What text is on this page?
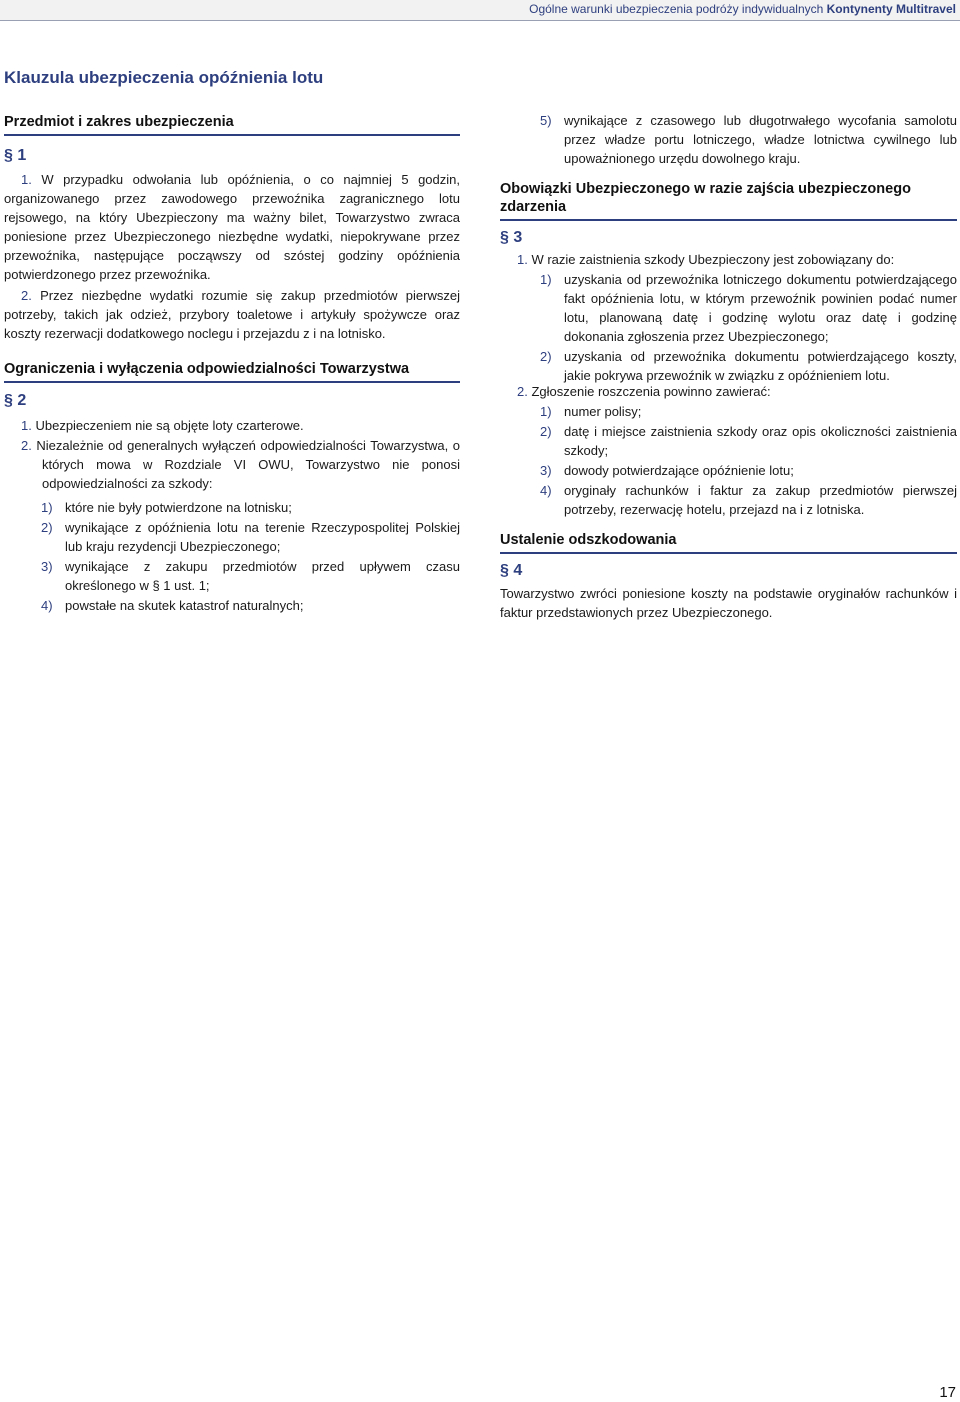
Ogólne warunki ubezpieczenia podróży indywidualnych Kontynenty Multitravel
Klauzula ubezpieczenia opóźnienia lotu
Przedmiot i zakres ubezpieczenia
§ 1

1. W przypadku odwołania lub opóźnienia, o co najmniej 5 godzin, organizowanego przez zawodowego przewoźnika zagranicznego lotu rejsowego, na który Ubezpieczony ma ważny bilet, Towarzystwo zwraca poniesione przez Ubezpieczonego niezbędne wydatki, niepokrywane przez przewoźnika, następujące począwszy od szóstej godziny opóźnienia potwierdzonego przez przewoźnika.

2. Przez niezbędne wydatki rozumie się zakup przedmiotów pierwszej potrzeby, takich jak odzież, przybory toaletowe i artykuły spożywcze oraz koszty rezerwacji dodatkowego noclegu i przejazdu z i na lotnisko.

Ograniczenia i wyłączenia odpowiedzialności Towarzystwa
§ 2

1. Ubezpieczeniem nie są objęte loty czarterowe.

2. Niezależnie od generalnych wyłączeń odpowiedzialności Towarzystwa, o których mowa w Rozdziale VI OWU, Towarzystwo nie ponosi odpowiedzialności za szkody:

1) które nie były potwierdzone na lotnisku;
2) wynikające z opóźnienia lotu na terenie Rzeczypospolitej Polskiej lub kraju rezydencji Ubezpieczonego;
3) wynikające z zakupu przedmiotów przed upływem czasu określonego w § 1 ust. 1;
4) powstałe na skutek katastrof naturalnych;
5) wynikające z czasowego lub długotrwałego wycofania samolotu przez władze portu lotniczego, władze lotnictwa cywilnego lub upoważnionego urzędu dowolnego kraju.
Obowiązki Ubezpieczonego w razie zajścia ubezpieczonego zdarzenia
§ 3

1. W razie zaistnienia szkody Ubezpieczony jest zobowiązany do:

1) uzyskania od przewoźnika lotniczego dokumentu potwierdzającego fakt opóźnienia lotu, w którym przewoźnik powinien podać numer lotu, planowaną datę i godzinę wylotu oraz datę i godzinę dokonania zgłoszenia przez Ubezpieczonego;
2) uzyskania od przewoźnika dokumentu potwierdzającego koszty, jakie pokrywa przewoźnik w związku z opóźnieniem lotu.

2. Zgłoszenie roszczenia powinno zawierać:

1) numer polisy;
2) datę i miejsce zaistnienia szkody oraz opis okoliczności zaistnienia szkody;
3) dowody potwierdzające opóźnienie lotu;
4) oryginały rachunków i faktur za zakup przedmiotów pierwszej potrzeby, rezerwację hotelu, przejazd na i z lotniska.
Ustalenie odszkodowania
§ 4

Towarzystwo zwróci poniesione koszty na podstawie oryginałów rachunków i faktur przedstawionych przez Ubezpieczonego.

17
